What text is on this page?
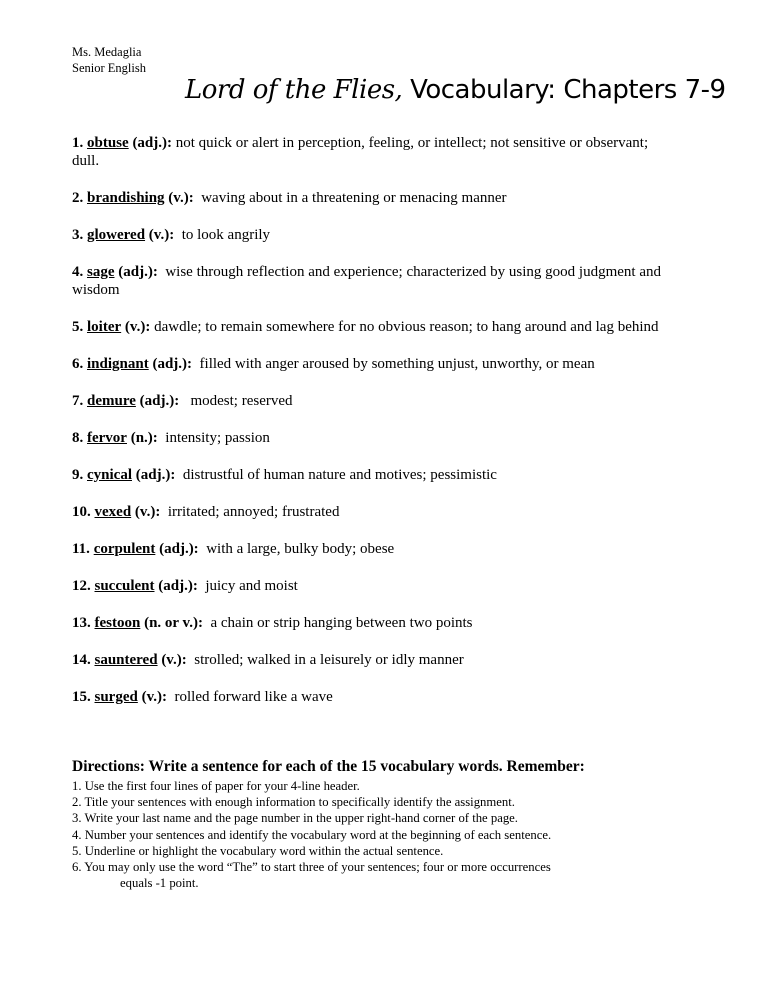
Ms. Medaglia
Senior English
Lord of the Flies, Vocabulary: Chapters 7-9
1. obtuse (adj.): not quick or alert in perception, feeling, or intellect; not sensitive or observant; dull.
2. brandishing (v.):  waving about in a threatening or menacing manner
3. glowered (v.):  to look angrily
4. sage (adj.):  wise through reflection and experience; characterized by using good judgment and wisdom
5. loiter (v.): dawdle; to remain somewhere for no obvious reason; to hang around and lag behind
6. indignant (adj.):  filled with anger aroused by something unjust, unworthy, or mean
7. demure (adj.):   modest; reserved
8. fervor (n.):  intensity; passion
9. cynical (adj.):  distrustful of human nature and motives; pessimistic
10. vexed (v.):  irritated; annoyed; frustrated
11. corpulent (adj.):  with a large, bulky body; obese
12. succulent (adj.):  juicy and moist
13. festoon (n. or v.):  a chain or strip hanging between two points
14. sauntered (v.):  strolled; walked in a leisurely or idly manner
15. surged (v.):  rolled forward like a wave
Directions: Write a sentence for each of the 15 vocabulary words. Remember:
1. Use the first four lines of paper for your 4-line header.
2. Title your sentences with enough information to specifically identify the assignment.
3. Write your last name and the page number in the upper right-hand corner of the page.
4. Number your sentences and identify the vocabulary word at the beginning of each sentence.
5. Underline or highlight the vocabulary word within the actual sentence.
6. You may only use the word “The” to start three of your sentences; four or more occurrences
equals -1 point.
